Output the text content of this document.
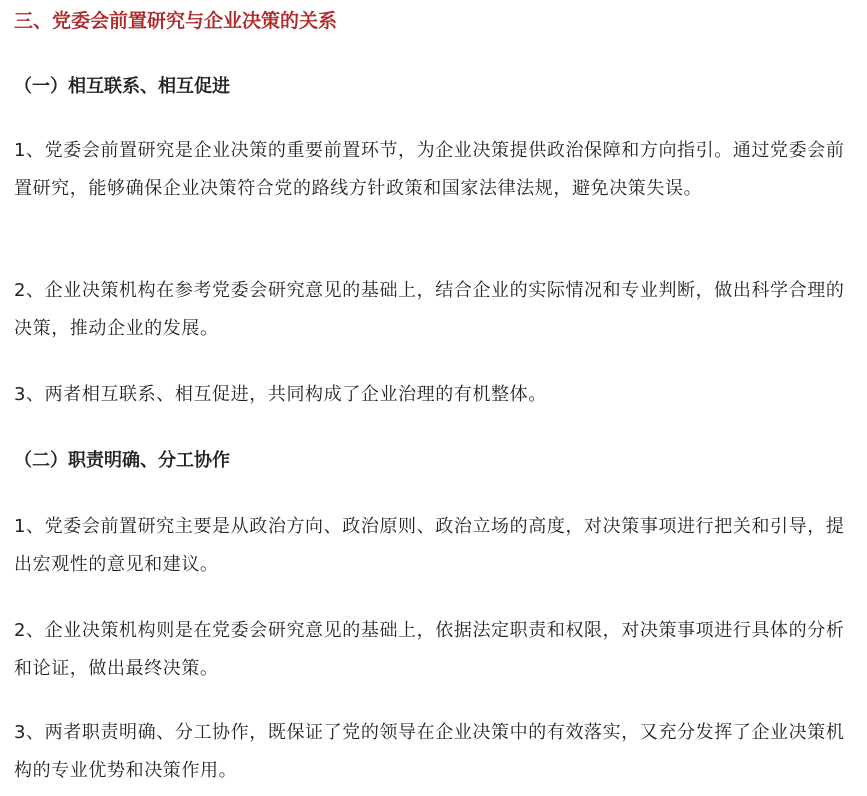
三、党委会前置研究与企业决策的关系
（一）相互联系、相互促进

1、党委会前置研究是企业决策的重要前置环节，为企业决策提供政治保障和方向指引。通过党委会前置研究，能够确保企业决策符合党的路线方针政策和国家法律法规，避免决策失误。

2、企业决策机构在参考党委会研究意见的基础上，结合企业的实际情况和专业判断，做出科学合理的决策，推动企业的发展。

3、两者相互联系、相互促进，共同构成了企业治理的有机整体。

（二）职责明确、分工协作

1、党委会前置研究主要是从政治方向、政治原则、政治立场的高度，对决策事项进行把关和引导，提出宏观性的意见和建议。

2、企业决策机构则是在党委会研究意见的基础上，依据法定职责和权限，对决策事项进行具体的分析和论证，做出最终决策。

3、两者职责明确、分工协作，既保证了党的领导在企业决策中的有效落实，又充分发挥了企业决策机构的专业优势和决策作用。
